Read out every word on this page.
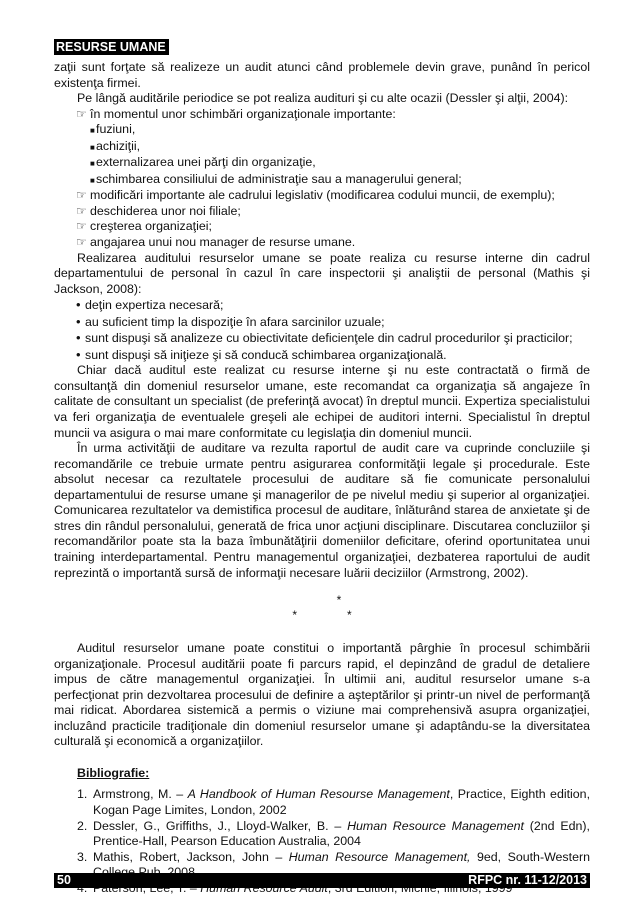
RESURSE UMANE

zaţii sunt forţate să realizeze un audit atunci când problemele devin grave, punând în pericol existenţa firmei.

Pe lângă auditările periodice se pot realiza audituri şi cu alte ocazii (Dessler şi alţii, 2004):

☞ în momentul unor schimbări organizaţionale importante:
■ fuziuni,
■ achiziţii,
■ externalizarea unei părţi din organizaţie,
■ schimbarea consiliului de administraţie sau a managerului general;
☞ modificări importante ale cadrului legislativ (modificarea codului muncii, de exemplu);
☞ deschiderea unor noi filiale;
☞ creşterea organizaţiei;
☞ angajarea unui nou manager de resurse umane.

Realizarea auditului resurselor umane se poate realiza cu resurse interne din cadrul departamentului de personal în cazul în care inspectorii şi analiştii de personal (Mathis şi Jackson, 2008):

• deţin expertiza necesară;
• au suficient timp la dispoziţie în afara sarcinilor uzuale;
• sunt dispuşi să analizeze cu obiectivitate deficienţele din cadrul procedurilor şi practicilor;
• sunt dispuşi să iniţieze şi să conducă schimbarea organizaţională.

Chiar dacă auditul este realizat cu resurse interne şi nu este contractată o firmă de consultanţă din domeniul resurselor umane, este recomandat ca organizaţia să angajeze în calitate de consultant un specialist (de preferinţă avocat) în dreptul muncii. Expertiza specialistului va feri organizaţia de eventualele greşeli ale echipei de auditori interni. Specialistul în dreptul muncii va asigura o mai mare conformitate cu legislaţia din domeniul muncii.

În urma activităţii de auditare va rezulta raportul de audit care va cuprinde concluziile şi recomandările ce trebuie urmate pentru asigurarea conformităţii legale şi procedurale. Este absolut necesar ca rezultatele procesului de auditare să fie comunicate personalului departamentului de resurse umane şi managerilor de pe nivelul mediu şi superior al organizaţiei. Comunicarea rezultatelor va demistifica procesul de auditare, înlăturând starea de anxietate şi de stres din rândul personalului, generată de frica unor acţiuni disciplinare. Discutarea concluziilor şi recomandărilor poate sta la baza îmbunătăţirii domeniilor deficitare, oferind oportunitatea unui training interdepartamental. Pentru managementul organizaţiei, dezbaterea raportului de audit reprezintă o importantă sursă de informaţii necesare luării deciziilor (Armstrong, 2002).

*
*	*

Auditul resurselor umane poate constitui o importantă pârghie în procesul schimbării organizaţionale. Procesul auditării poate fi parcurs rapid, el depinzând de gradul de detaliere impus de către managementul organizaţiei. În ultimii ani, auditul resurselor umane s-a perfecţionat prin dezvoltarea procesului de definire a aşteptărilor şi printr-un nivel de performanţă mai ridicat. Abordarea sistemică a permis o viziune mai comprehensivă asupra organizaţiei, incluzând practicile tradiţionale din domeniul resurselor umane şi adaptându-se la diversitatea culturală şi economică a organizaţiilor.

Bibliografie:
1. Armstrong, M. – A Handbook of Human Resourse Management, Practice, Eighth edition, Kogan Page Limites, London, 2002
2. Dessler, G., Griffiths, J., Lloyd-Walker, B. – Human Resource Management (2nd Edn), Prentice-Hall, Pearson Education Australia, 2004
3. Mathis, Robert, Jackson, John – Human Resource Management, 9ed, South-Western
50	RFPC nr. 11-12/2013
